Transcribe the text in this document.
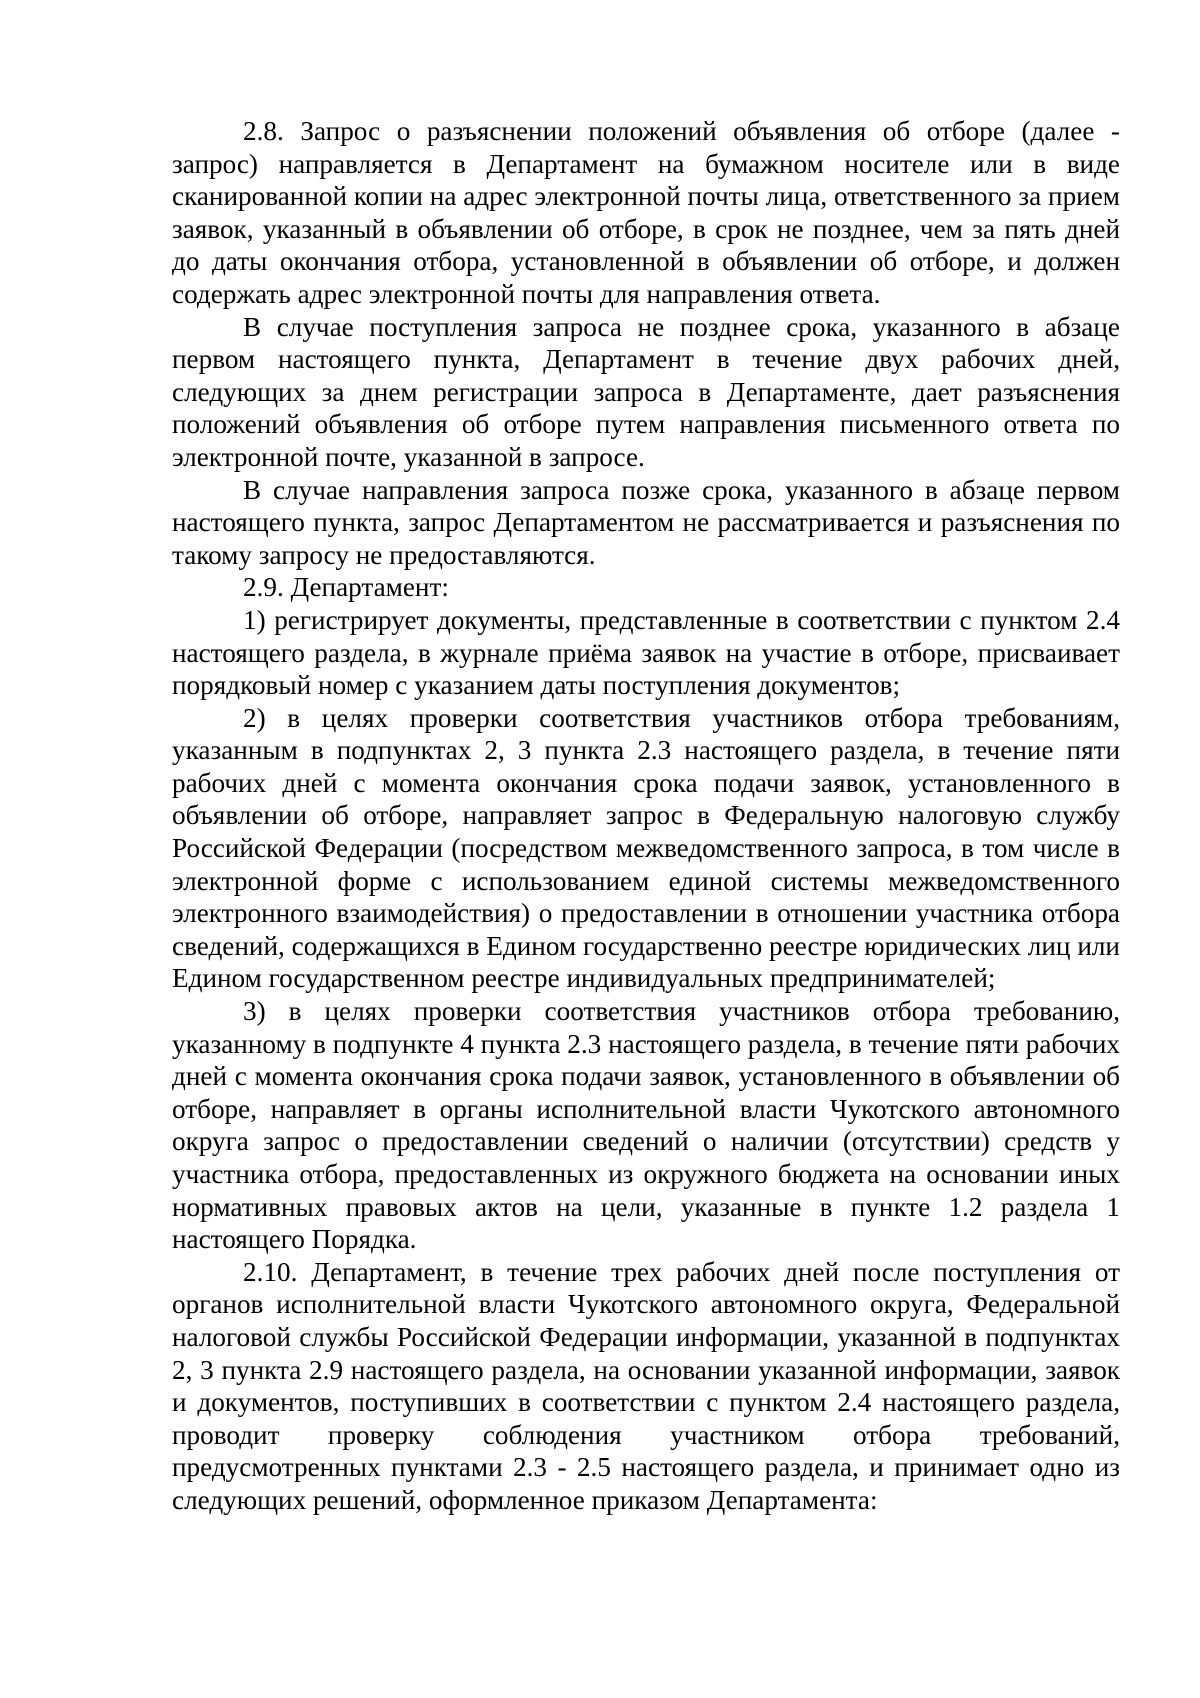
2.8. Запрос о разъяснении положений объявления об отборе (далее - запрос) направляется в Департамент на бумажном носителе или в виде сканированной копии на адрес электронной почты лица, ответственного за прием заявок, указанный в объявлении об отборе, в срок не позднее, чем за пять дней до даты окончания отбора, установленной в объявлении об отборе, и должен содержать адрес электронной почты для направления ответа.

В случае поступления запроса не позднее срока, указанного в абзаце первом настоящего пункта, Департамент в течение двух рабочих дней, следующих за днем регистрации запроса в Департаменте, дает разъяснения положений объявления об отборе путем направления письменного ответа по электронной почте, указанной в запросе.

В случае направления запроса позже срока, указанного в абзаце первом настоящего пункта, запрос Департаментом не рассматривается и разъяснения по такому запросу не предоставляются.

2.9. Департамент:

1) регистрирует документы, представленные в соответствии с пунктом 2.4 настоящего раздела, в журнале приёма заявок на участие в отборе, присваивает порядковый номер с указанием даты поступления документов;

2) в целях проверки соответствия участников отбора требованиям, указанным в подпунктах 2, 3 пункта 2.3 настоящего раздела, в течение пяти рабочих дней с момента окончания срока подачи заявок, установленного в объявлении об отборе, направляет запрос в Федеральную налоговую службу Российской Федерации (посредством межведомственного запроса, в том числе в электронной форме с использованием единой системы межведомственного электронного взаимодействия) о предоставлении в отношении участника отбора сведений, содержащихся в Едином государственно реестре юридических лиц или Едином государственном реестре индивидуальных предпринимателей;

3) в целях проверки соответствия участников отбора требованию, указанному в подпункте 4 пункта 2.3 настоящего раздела, в течение пяти рабочих дней с момента окончания срока подачи заявок, установленного в объявлении об отборе, направляет в органы исполнительной власти Чукотского автономного округа запрос о предоставлении сведений о наличии (отсутствии) средств у участника отбора, предоставленных из окружного бюджета на основании иных нормативных правовых актов на цели, указанные в пункте 1.2 раздела 1 настоящего Порядка.

2.10. Департамент, в течение трех рабочих дней после поступления от органов исполнительной власти Чукотского автономного округа, Федеральной налоговой службы Российской Федерации информации, указанной в подпунктах 2, 3 пункта 2.9 настоящего раздела, на основании указанной информации, заявок и документов, поступивших в соответствии с пунктом 2.4 настоящего раздела, проводит проверку соблюдения участником отбора требований, предусмотренных пунктами 2.3 - 2.5 настоящего раздела, и принимает одно из следующих решений, оформленное приказом Департамента:
